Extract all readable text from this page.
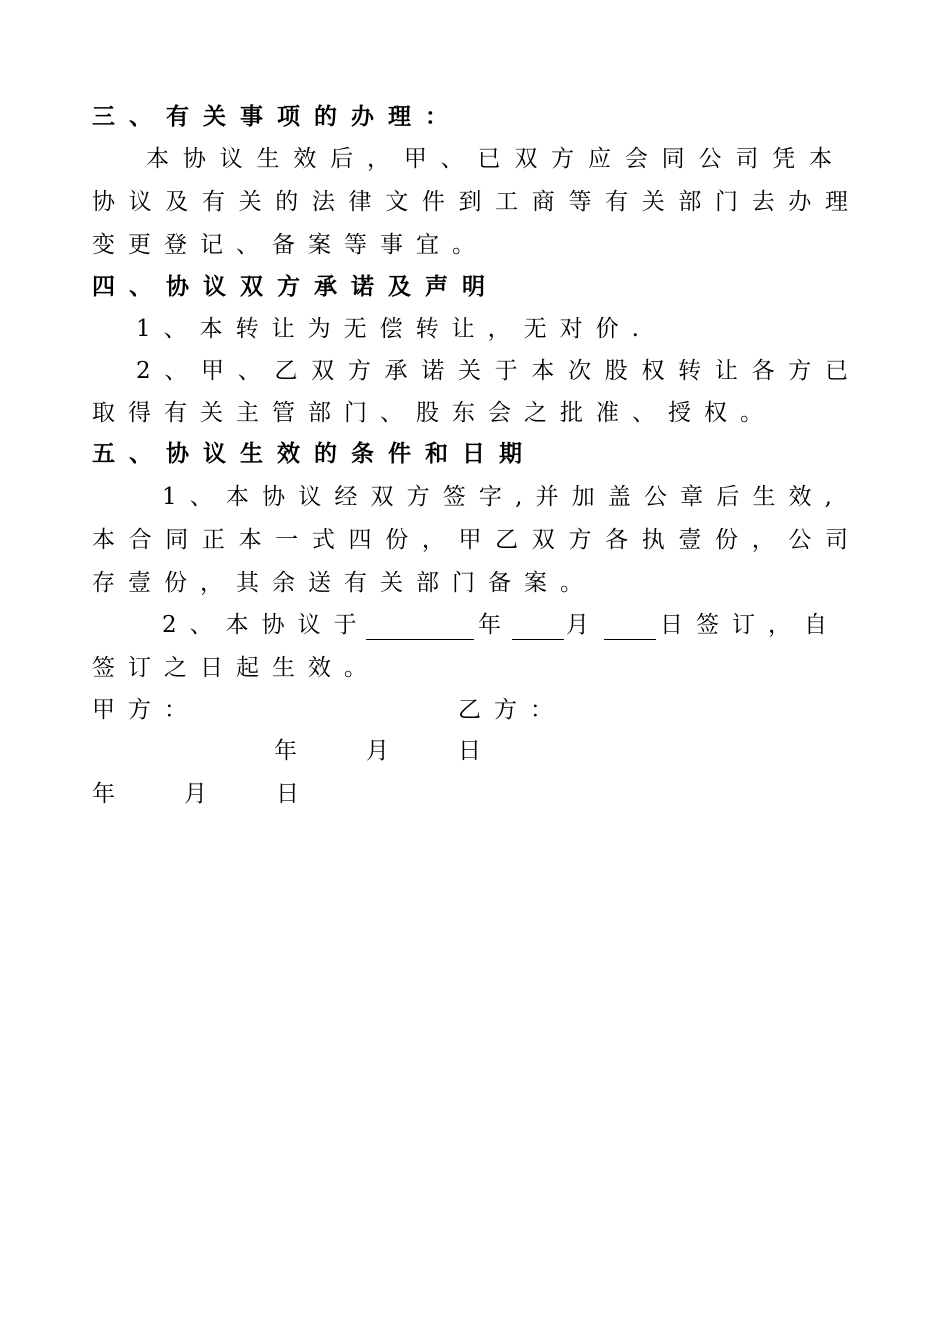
三、有关事项的办理：
本协议生效后，甲、已双方应会同公司凭本
协议及有关的法律文件到工商等有关部门去办理
变更登记、备案等事宜。
四、协议双方承诺及声明
1、本转让为无偿转让，无对价.
2、甲、乙双方承诺关于本次股权转让各方已
取得有关主管部门、股东会之批准、授权。
五、协议生效的条件和日期
1、本协议经双方签字,并加盖公章后生效,
本合同正本一式四份，甲乙双方各执壹份，公司
存壹份，其余送有关部门备案。
2、本协议于	年	月	日签订，自
签订之日起生效。
甲方：	乙方：
年	月	日
年	月	日
